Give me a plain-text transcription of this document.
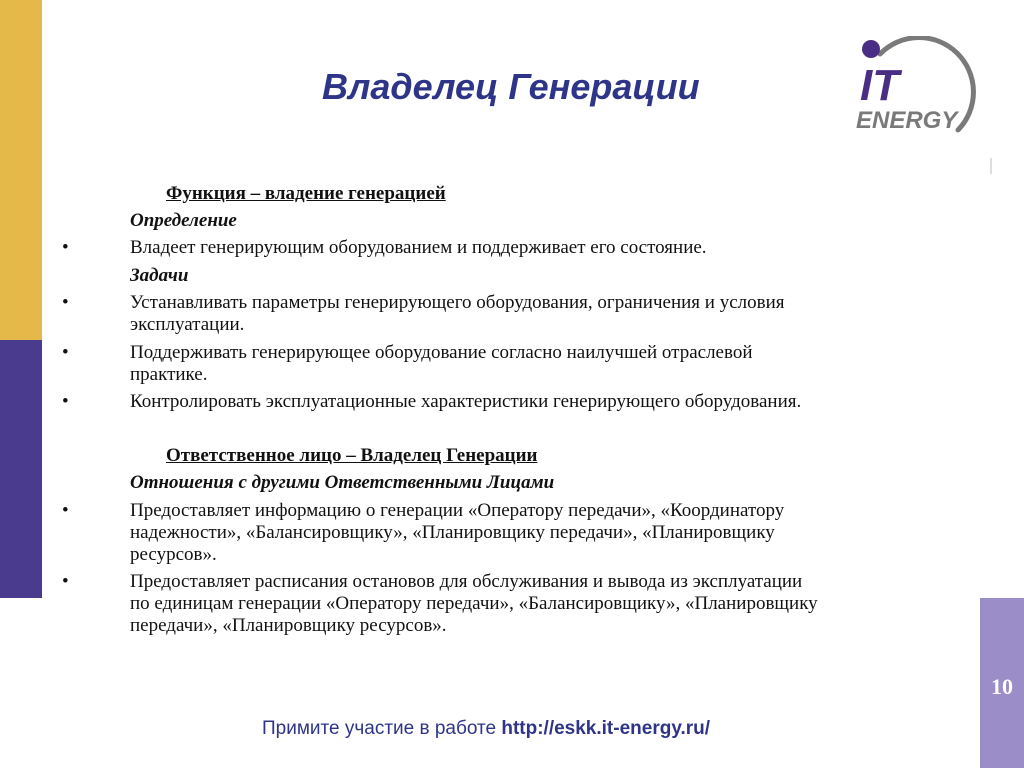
10
Владелец Генерации	IT
ENERGY
Функция – владение генерацией
Определение
•	Владеет генерирующим оборудованием и поддерживает его состояние.
Задачи
•	Устанавливать параметры генерирующего оборудования, ограничения и условия
эксплуатации.
•	Поддерживать генерирующее оборудование согласно наилучшей отраслевой
практике.
•	Контролировать эксплуатационные характеристики генерирующего оборудования.
Ответственное лицо – Владелец Генерации
Отношения с другими Ответственными Лицами
•	Предоставляет информацию о генерации «Оператору передачи», «Координатору
надежности», «Балансировщику», «Планировщику передачи», «Планировщику
ресурсов».
•	Предоставляет расписания остановов для обслуживания и вывода из эксплуатации
по единицам генерации «Оператору передачи», «Балансировщику», «Планировщику
передачи», «Планировщику ресурсов».
Примите участие в работе http://eskk.it-energy.ru/
